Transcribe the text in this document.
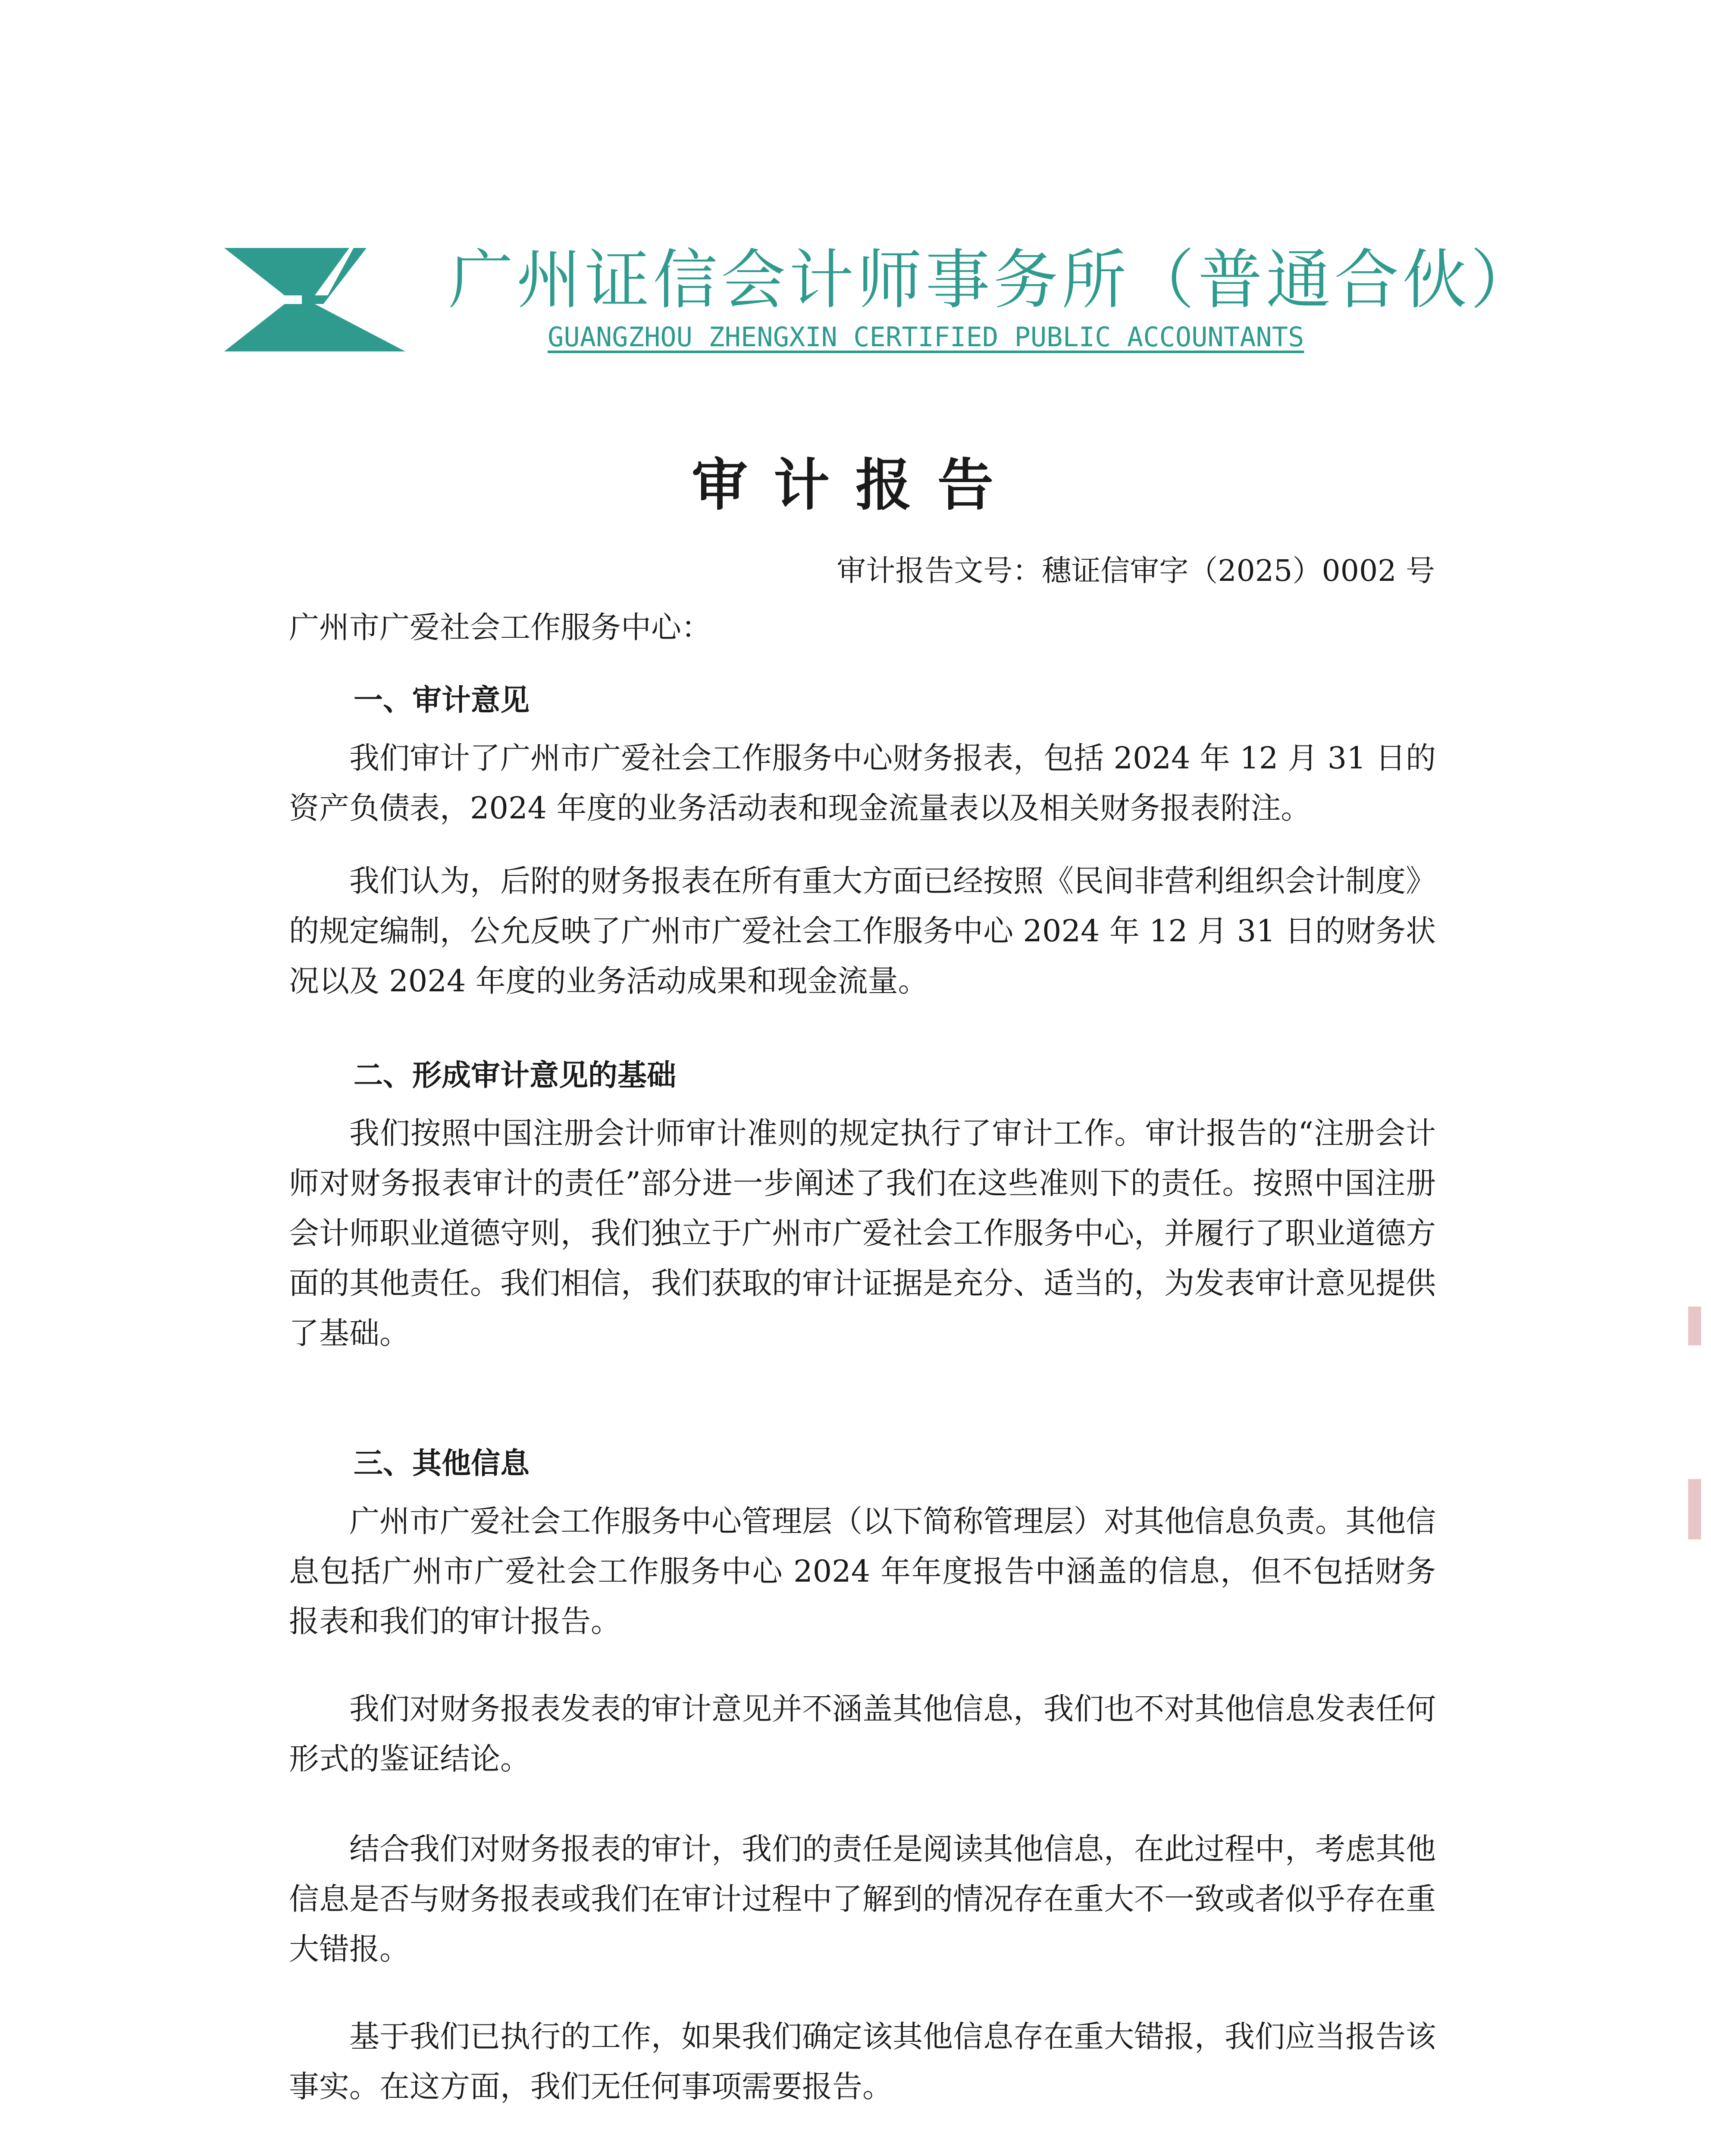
广州证信会计师事务所（普通合伙）
GUANGZHOU ZHENGXIN CERTIFIED PUBLIC ACCOUNTANTS
审计报告
审计报告文号：穗证信审字（2025）0002 号
广州市广爱社会工作服务中心：
一、审计意见
我们审计了广州市广爱社会工作服务中心财务报表，包括 2024 年 12 月 31 日的资产负债表，2024 年度的业务活动表和现金流量表以及相关财务报表附注。
我们认为，后附的财务报表在所有重大方面已经按照《民间非营利组织会计制度》的规定编制，公允反映了广州市广爱社会工作服务中心 2024 年 12 月 31 日的财务状况以及 2024 年度的业务活动成果和现金流量。
二、形成审计意见的基础
我们按照中国注册会计师审计准则的规定执行了审计工作。审计报告的“注册会计师对财务报表审计的责任”部分进一步阐述了我们在这些准则下的责任。按照中国注册会计师职业道德守则，我们独立于广州市广爱社会工作服务中心，并履行了职业道德方面的其他责任。我们相信，我们获取的审计证据是充分、适当的，为发表审计意见提供了基础。
三、其他信息
广州市广爱社会工作服务中心管理层（以下简称管理层）对其他信息负责。其他信息包括广州市广爱社会工作服务中心 2024 年年度报告中涵盖的信息，但不包括财务报表和我们的审计报告。
我们对财务报表发表的审计意见并不涵盖其他信息，我们也不对其他信息发表任何形式的鉴证结论。
结合我们对财务报表的审计，我们的责任是阅读其他信息，在此过程中，考虑其他信息是否与财务报表或我们在审计过程中了解到的情况存在重大不一致或者似乎存在重大错报。
基于我们已执行的工作，如果我们确定该其他信息存在重大错报，我们应当报告该事实。在这方面，我们无任何事项需要报告。
